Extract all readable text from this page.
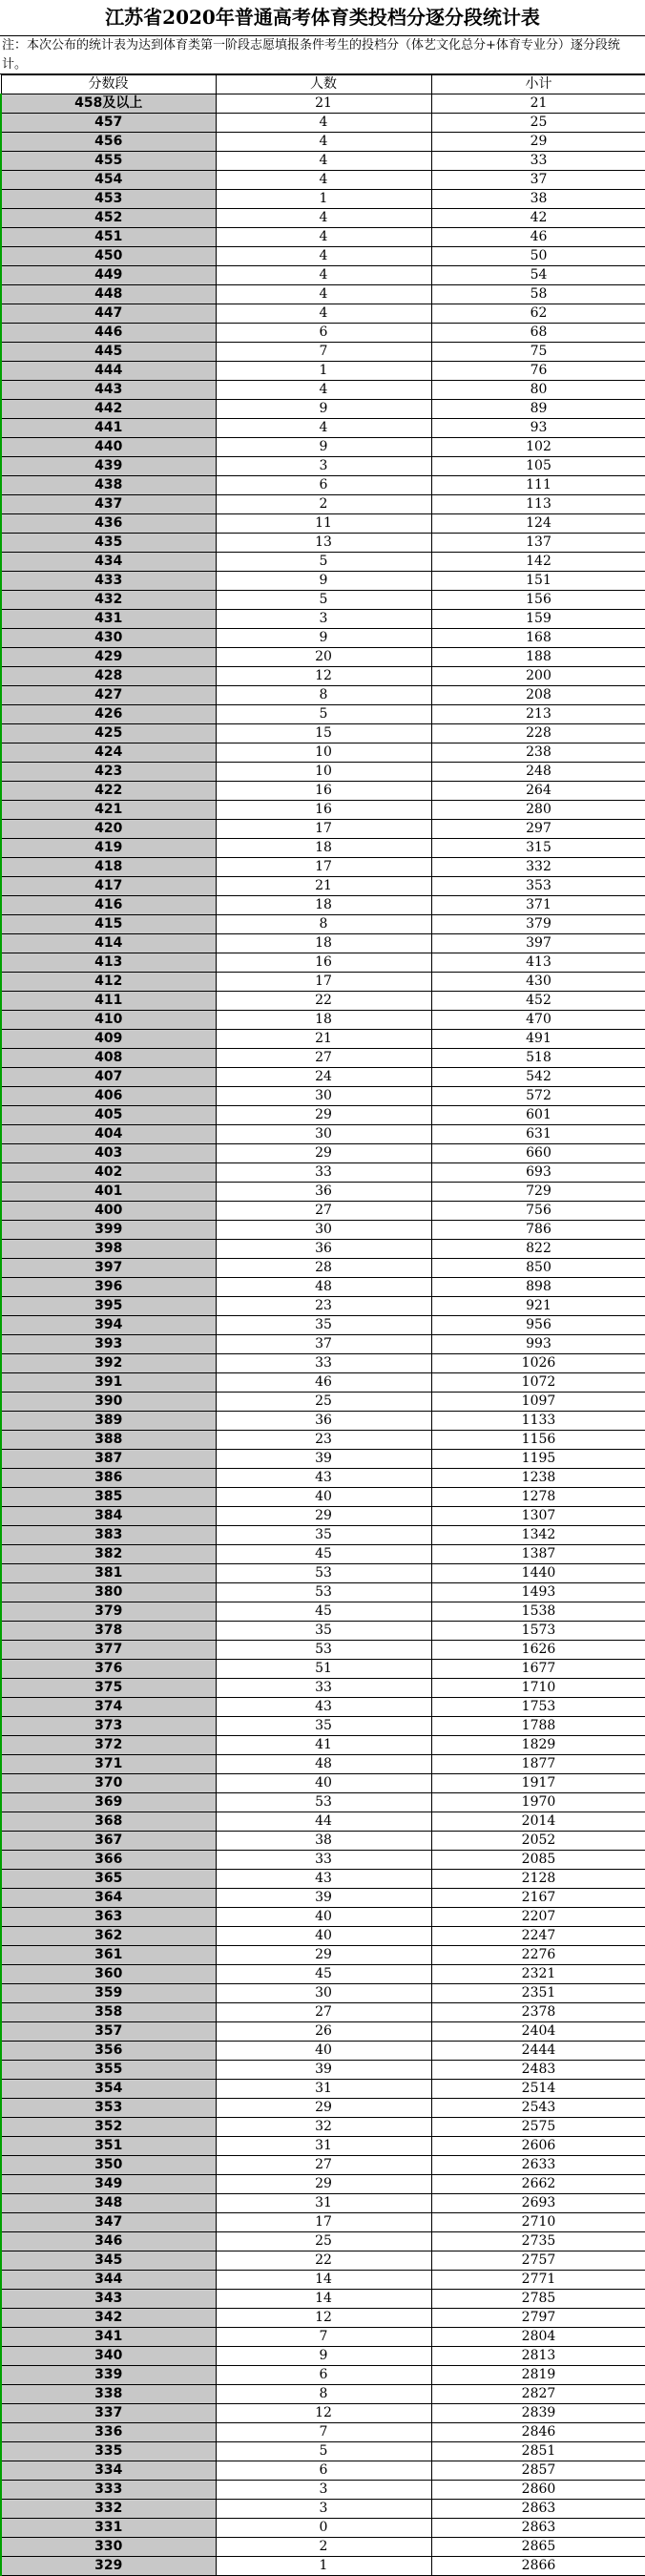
江苏省2020年普通高考体育类投档分逐分段统计表
注：本次公布的统计表为达到体育类第一阶段志愿填报条件考生的投档分（体艺文化总分+体育专业分）逐分段统计。
分数段	人数	小计
458及以上	21	21
457	4	25
456	4	29
455	4	33
454	4	37
453	1	38
452	4	42
451	4	46
450	4	50
449	4	54
448	4	58
447	4	62
446	6	68
445	7	75
444	1	76
443	4	80
442	9	89
441	4	93
440	9	102
439	3	105
438	6	111
437	2	113
436	11	124
435	13	137
434	5	142
433	9	151
432	5	156
431	3	159
430	9	168
429	20	188
428	12	200
427	8	208
426	5	213
425	15	228
424	10	238
423	10	248
422	16	264
421	16	280
420	17	297
419	18	315
418	17	332
417	21	353
416	18	371
415	8	379
414	18	397
413	16	413
412	17	430
411	22	452
410	18	470
409	21	491
408	27	518
407	24	542
406	30	572
405	29	601
404	30	631
403	29	660
402	33	693
401	36	729
400	27	756
399	30	786
398	36	822
397	28	850
396	48	898
395	23	921
394	35	956
393	37	993
392	33	1026
391	46	1072
390	25	1097
389	36	1133
388	23	1156
387	39	1195
386	43	1238
385	40	1278
384	29	1307
383	35	1342
382	45	1387
381	53	1440
380	53	1493
379	45	1538
378	35	1573
377	53	1626
376	51	1677
375	33	1710
374	43	1753
373	35	1788
372	41	1829
371	48	1877
370	40	1917
369	53	1970
368	44	2014
367	38	2052
366	33	2085
365	43	2128
364	39	2167
363	40	2207
362	40	2247
361	29	2276
360	45	2321
359	30	2351
358	27	2378
357	26	2404
356	40	2444
355	39	2483
354	31	2514
353	29	2543
352	32	2575
351	31	2606
350	27	2633
349	29	2662
348	31	2693
347	17	2710
346	25	2735
345	22	2757
344	14	2771
343	14	2785
342	12	2797
341	7	2804
340	9	2813
339	6	2819
338	8	2827
337	12	2839
336	7	2846
335	5	2851
334	6	2857
333	3	2860
332	3	2863
331	0	2863
330	2	2865
329	1	2866
